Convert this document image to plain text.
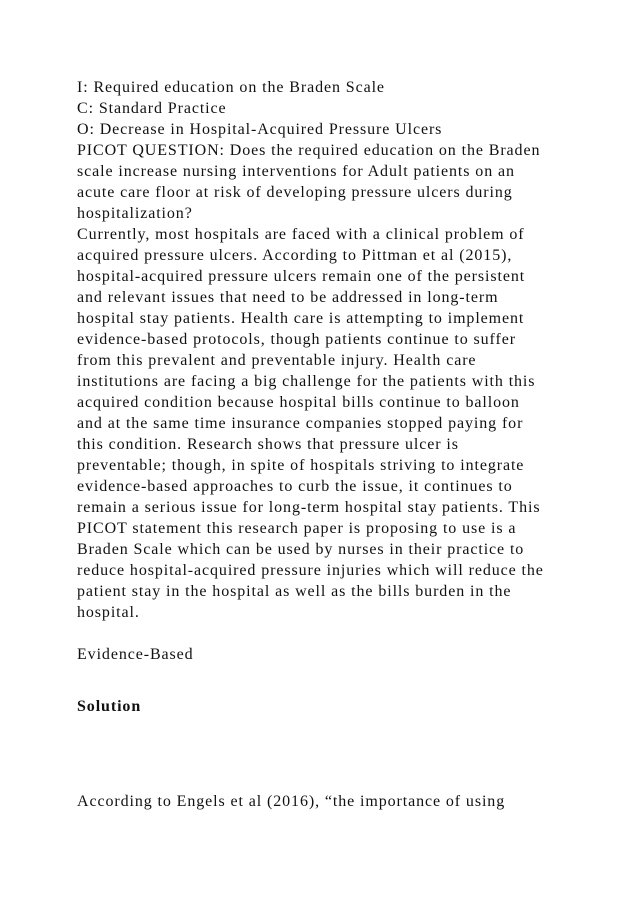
I: Required education on the Braden Scale
C: Standard Practice
O: Decrease in Hospital-Acquired Pressure Ulcers
PICOT QUESTION: Does the required education on the Braden
scale increase nursing interventions for Adult patients on an
acute care floor at risk of developing pressure ulcers during
hospitalization?
Currently, most hospitals are faced with a clinical problem of
acquired pressure ulcers. According to Pittman et al (2015),
hospital-acquired pressure ulcers remain one of the persistent
and relevant issues that need to be addressed in long-term
hospital stay patients. Health care is attempting to implement
evidence-based protocols, though patients continue to suffer
from this prevalent and preventable injury. Health care
institutions are facing a big challenge for the patients with this
acquired condition because hospital bills continue to balloon
and at the same time insurance companies stopped paying for
this condition. Research shows that pressure ulcer is
preventable; though, in spite of hospitals striving to integrate
evidence-based approaches to curb the issue, it continues to
remain a serious issue for long-term hospital stay patients. This
PICOT statement this research paper is proposing to use is a
Braden Scale which can be used by nurses in their practice to
reduce hospital-acquired pressure injuries which will reduce the
patient stay in the hospital as well as the bills burden in the
hospital.
Evidence-Based
Solution
According to Engels et al (2016), “the importance of using
